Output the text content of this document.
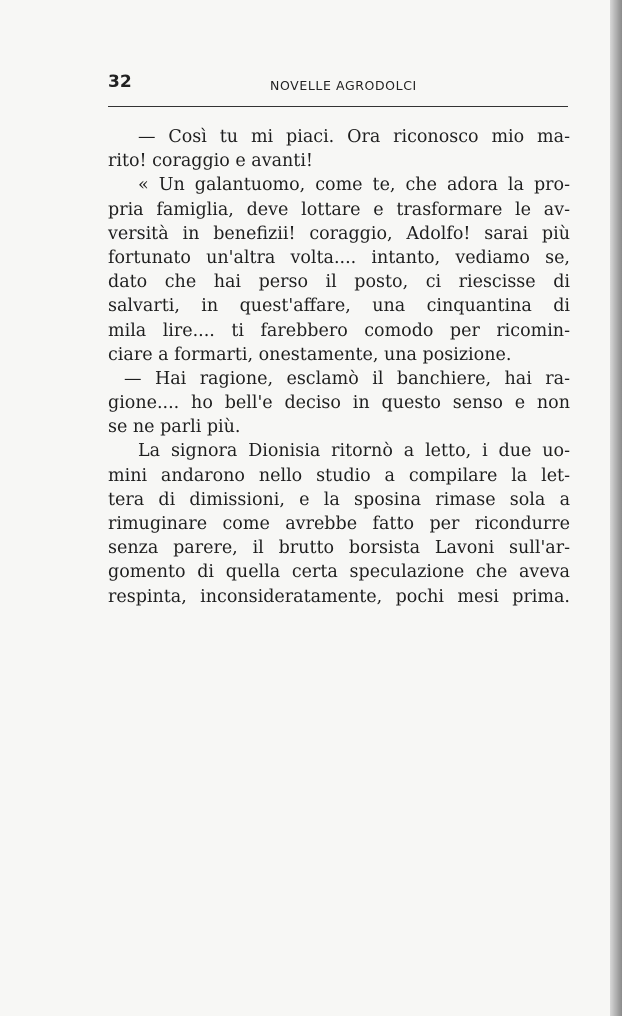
32	NOVELLE AGRODOLCI
— Così tu mi piaci. Ora riconosco mio ma-
rito! coraggio e avanti!
« Un galantuomo, come te, che adora la pro-
pria famiglia, deve lottare e trasformare le av-
versità in benefizii! coraggio, Adolfo! sarai più
fortunato un'altra volta.... intanto, vediamo se,
dato che hai perso il posto, ci riescisse di
salvarti, in quest'affare, una cinquantina di
mila lire.... ti farebbero comodo per ricomin-
ciare a formarti, onestamente, una posizione.
— Hai ragione, esclamò il banchiere, hai ra-
gione.... ho bell'e deciso in questo senso e non
se ne parli più.
La signora Dionisia ritornò a letto, i due uo-
mini andarono nello studio a compilare la let-
tera di dimissioni, e la sposina rimase sola a
rimuginare come avrebbe fatto per ricondurre
senza parere, il brutto borsista Lavoni sull'ar-
gomento di quella certa speculazione che aveva
respinta, inconsideratamente, pochi mesi prima.
